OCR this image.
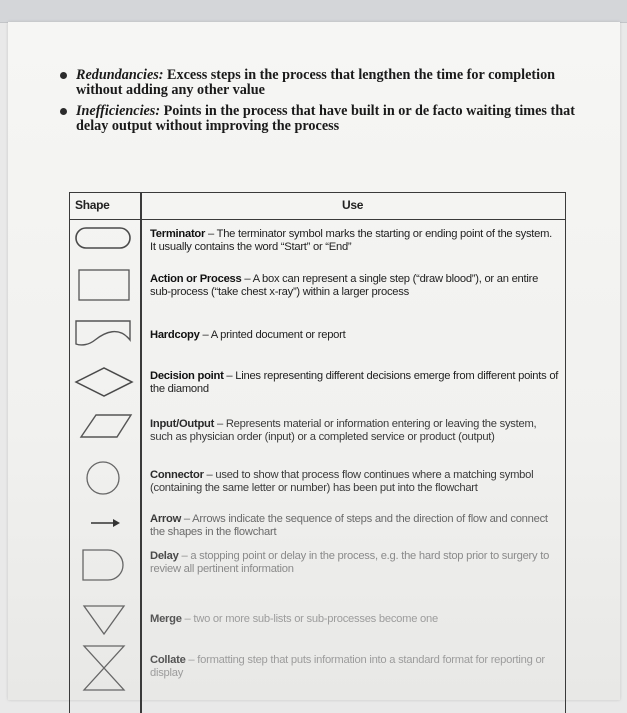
Redundancies: Excess steps in the process that lengthen the time for completion without adding any other value
Inefficiencies: Points in the process that have built in or de facto waiting times that delay output without improving the process
Shape	Use
Terminator – The terminator symbol marks the starting or ending point of the system. It usually contains the word “Start” or “End”
Action or Process – A box can represent a single step (“draw blood”), or an entire sub-process (“take chest x-ray”) within a larger process
Hardcopy – A printed document or report
Decision point – Lines representing different decisions emerge from different points of the diamond
Input/Output – Represents material or information entering or leaving the system, such as physician order (input) or a completed service or product (output)
Connector – used to show that process flow continues where a matching symbol (containing the same letter or number) has been put into the flowchart
Arrow – Arrows indicate the sequence of steps and the direction of flow and connect the shapes in the flowchart
Delay – a stopping point or delay in the process, e.g. the hard stop prior to surgery to review all pertinent information
Merge – two or more sub-lists or sub-processes become one
Collate – formatting step that puts information into a standard format for reporting or display
